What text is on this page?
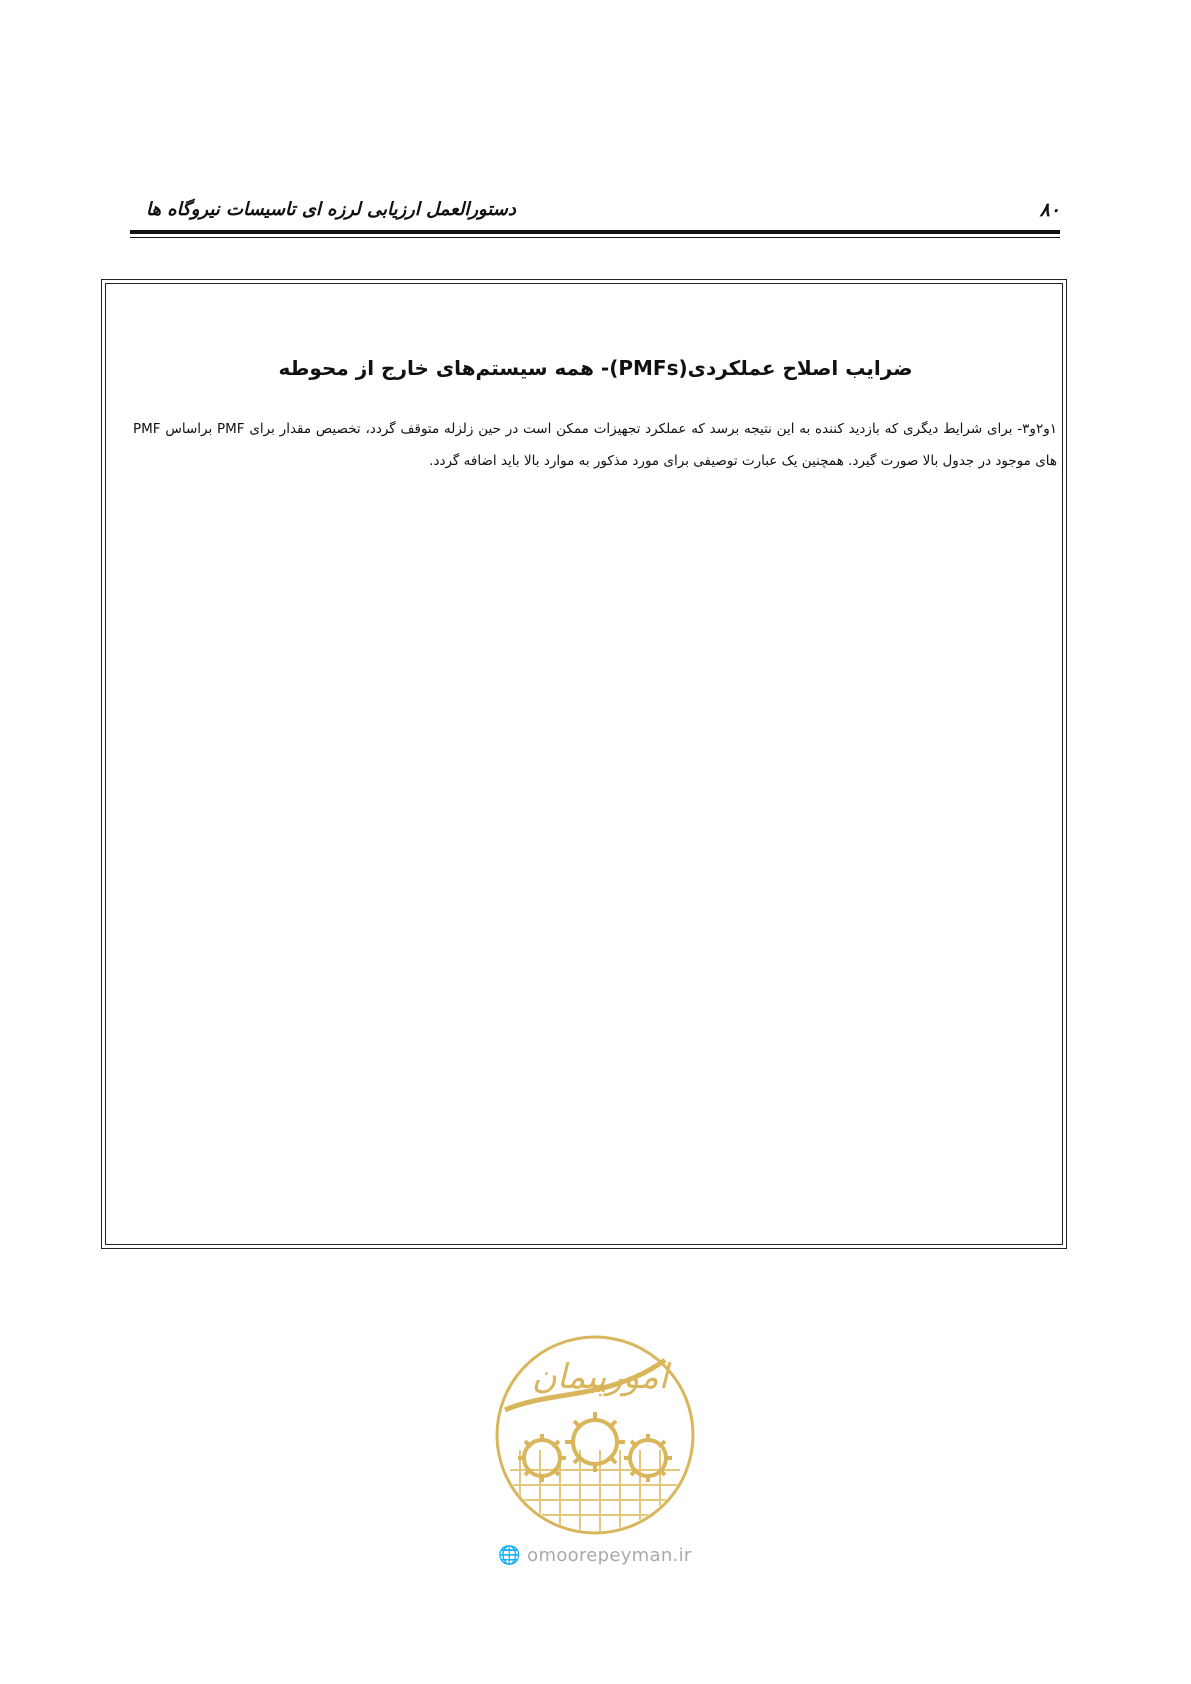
۸۰
دستورالعمل ارزیابی لرزه ای تاسیسات نیروگاه ها
ضرایب اصلاح عملکردی(PMFs)- همه سیستم‌های خارج از محوطه
۱و۲و۳- برای شرایط دیگری که بازدید کننده به این نتیجه برسد که عملکرد تجهیزات ممکن است در حین زلزله متوقف گردد، تخصیص مقدار برای PMF براساس PMF های موجود در جدول بالا صورت گیرد. همچنین یک عبارت توصیفی برای مورد مذکور به موارد بالا باید اضافه گردد.
امورپیمان
🌐 omoorepeyman.ir
